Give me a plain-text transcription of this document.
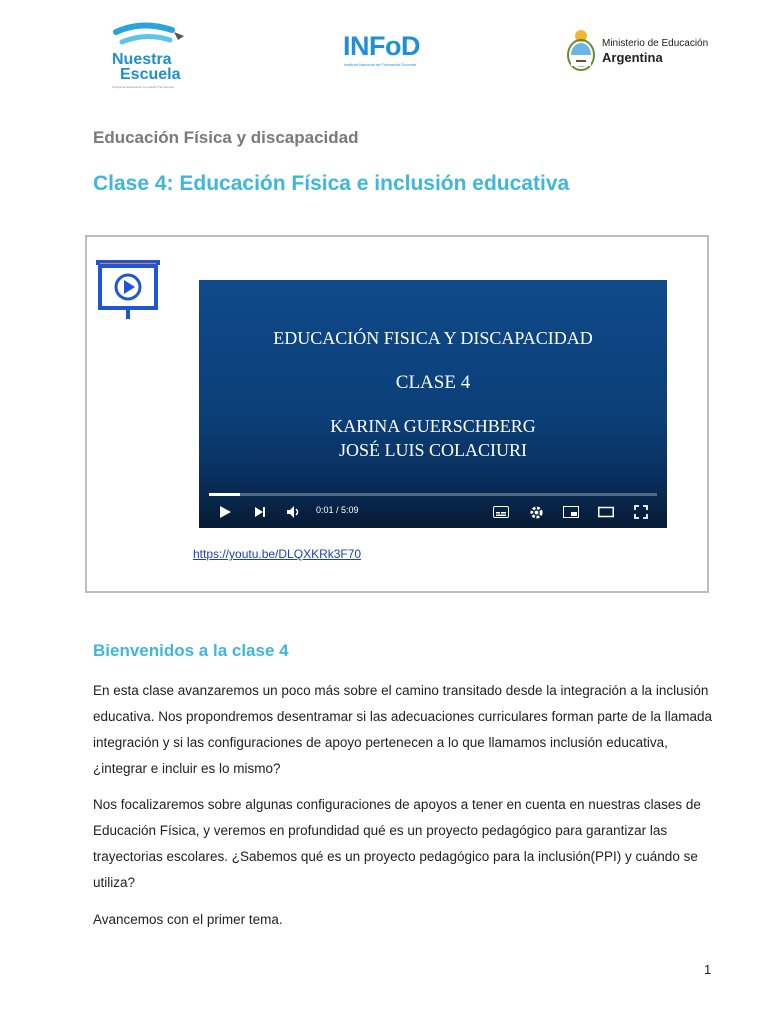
Nuestra
Escuela
Programa Nacional de Formación Permanente
INFoD
Instituto Nacional de Formación Docente
Ministerio de Educación
Argentina
Educación Física y discapacidad
Clase 4: Educación Física e inclusión educativa
EDUCACIÓN FISICA Y DISCAPACIDAD
CLASE 4
KARINA GUERSCHBERG
JOSÉ LUIS COLACIURI
0:01 / 5:09
https://youtu.be/DLQXKRk3F70
Bienvenidos a la clase 4
En esta clase avanzaremos un poco más sobre el camino transitado desde la integración a la inclusión educativa. Nos propondremos desentramar si las adecuaciones curriculares forman parte de la llamada integración y si las configuraciones de apoyo pertenecen a lo que llamamos inclusión educativa, ¿integrar e incluir es lo mismo?
Nos focalizaremos sobre algunas configuraciones de apoyos a tener en cuenta en nuestras clases de Educación Física, y veremos en profundidad qué es un proyecto pedagógico para garantizar las trayectorias escolares. ¿Sabemos qué es un proyecto pedagógico para la inclusión(PPI) y cuándo se utiliza?
Avancemos con el primer tema.
1
